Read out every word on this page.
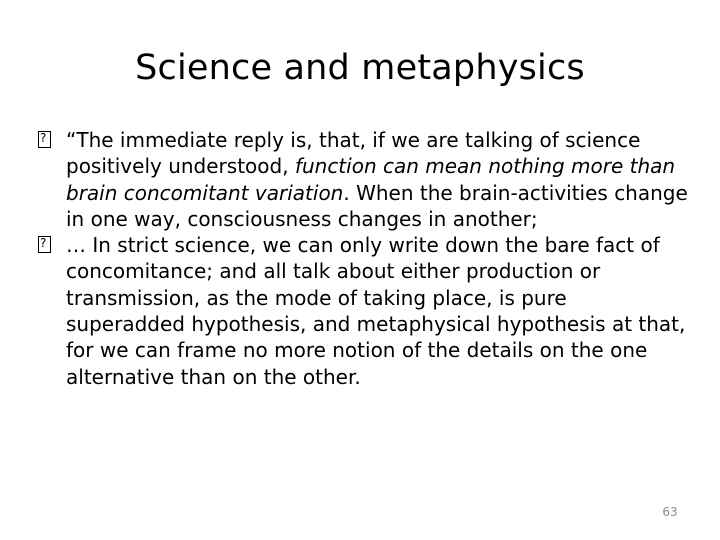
Science and metaphysics

?
“The immediate reply is, that, if we are talking of science positively understood, function can mean nothing more than brain concomitant variation. When the brain-activities change in one way, consciousness changes in another;

?
… In strict science, we can only write down the bare fact of concomitance; and all talk about either production or transmission, as the mode of taking place, is pure superadded hypothesis, and metaphysical hypothesis at that, for we can frame no more notion of the details on the one alternative than on the other.

63
